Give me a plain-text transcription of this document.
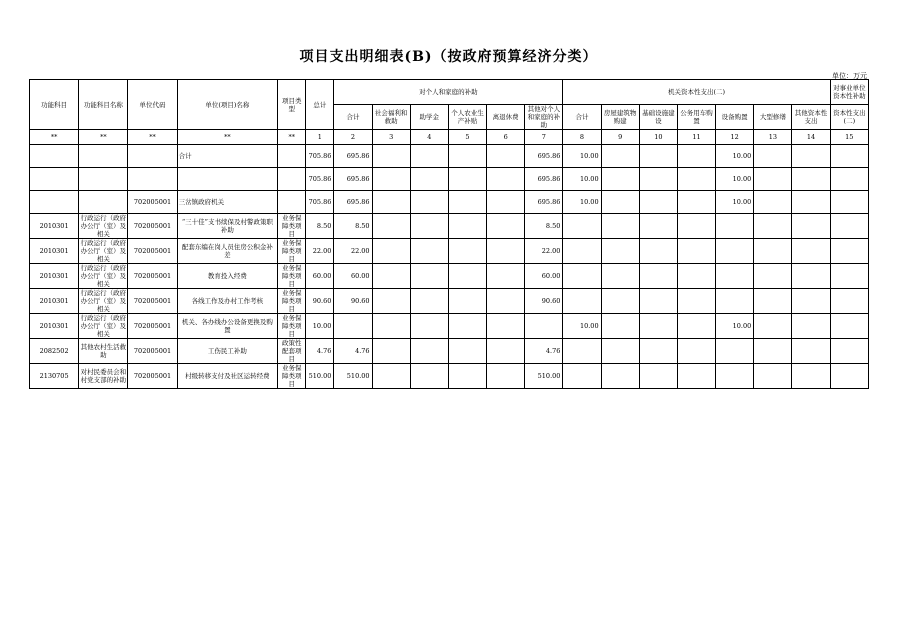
项目支出明细表(B)（按政府预算经济分类）
单位：万元
功能科目	功能科目名称	单位代码	单位(项目)名称	项目类型	总计	对个人和家庭的补助						机关资本性支出(二)							对事业单位资本性补助
						合计	社会福利和救助	助学金	个人农业生产补贴	离退休费	其他对个人和家庭的补助	合计	房屋建筑物购建	基础设施建设	公务用车购置	设备购置	大型修缮	其他资本性支出	资本性支出(二)
**	**	**	**	**	1	2	3	4	5	6	7	8	9	10	11	12	13	14	15
			合计		705.86	695.86					695.86	10.00				10.00			
					705.86	695.86					695.86	10.00				10.00			
		702005001	三岔镇政府机关		705.86	695.86					695.86	10.00				10.00			
2010301	行政运行（政府办公厅（室）及相关	702005001	“三十佳”支书续保及村警政策职补助	业务保障类项目	8.50	8.50					8.50								
2010301	行政运行（政府办公厅（室）及相关	702005001	配套东编在岗人员住房公积金补差	业务保障类项目	22.00	22.00					22.00								
2010301	行政运行（政府办公厅（室）及相关	702005001	教育投入经费	业务保障类项目	60.00	60.00					60.00								
2010301	行政运行（政府办公厅（室）及相关	702005001	各线工作及办村工作考核	业务保障类项目	90.60	90.60					90.60								
2010301	行政运行（政府办公厅（室）及相关	702005001	机关、各办线办公设备更换及购置	业务保障类项目	10.00							10.00				10.00			
2082502	其他农村生活救助	702005001	工伤民工补助	政策性配套项目	4.76	4.76					4.76								
2130705	对村民委员会和村党支部的补助	702005001	村级转移支付及社区运转经费	业务保障类项目	510.00	510.00					510.00								
